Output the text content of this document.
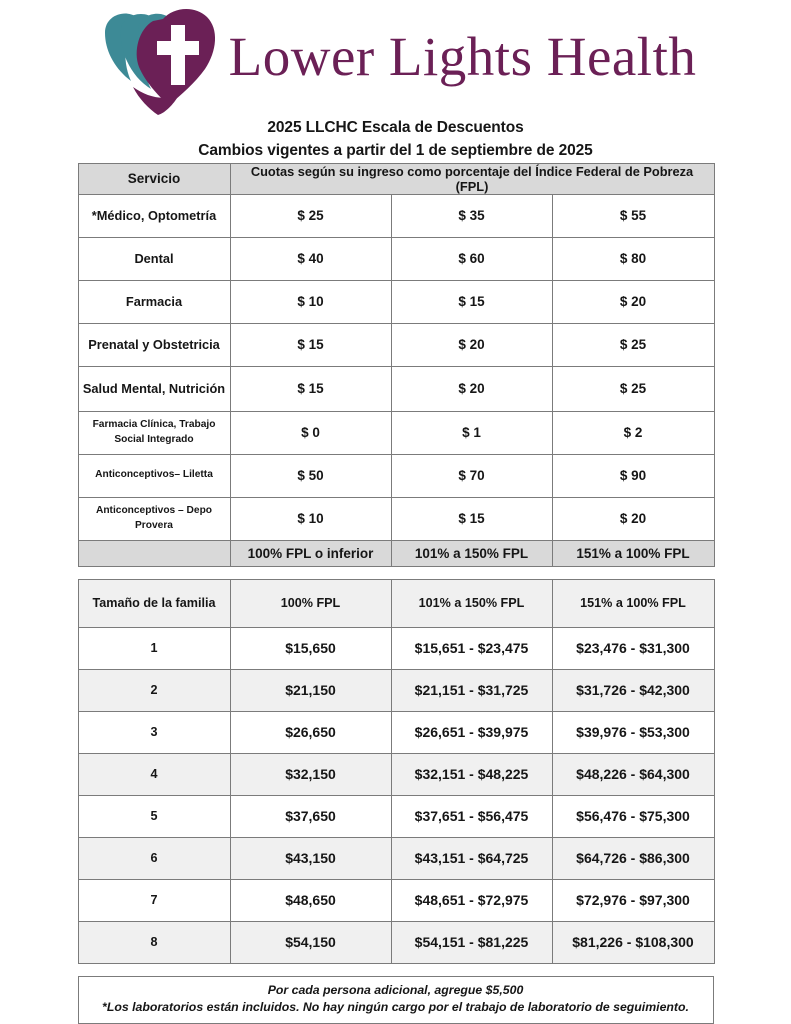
Lower Lights Health
2025 LLCHC Escala de Descuentos
Cambios vigentes a partir del 1 de septiembre de 2025
Servicio	Cuotas según su ingreso como porcentaje del Índice Federal de Pobreza (FPL)		
*Médico, Optometría	$ 25	$ 35	$ 55
Dental	$ 40	$ 60	$ 80
Farmacia	$ 10	$ 15	$ 20
Prenatal y Obstetricia	$ 15	$ 20	$ 25
Salud Mental, Nutrición	$ 15	$ 20	$ 25
Farmacia Clínica, Trabajo Social Integrado	$ 0	$ 1	$ 2
Anticonceptivos– Liletta	$ 50	$ 70	$ 90
Anticonceptivos – Depo Provera	$ 10	$ 15	$ 20
	100% FPL o inferior	101% a 150% FPL	151% a 100% FPL
Tamaño de la familia	100% FPL	101% a 150% FPL	151% a 100% FPL
1	$15,650	$15,651 - $23,475	$23,476 - $31,300
2	$21,150	$21,151 - $31,725	$31,726 - $42,300
3	$26,650	$26,651 - $39,975	$39,976 - $53,300
4	$32,150	$32,151 - $48,225	$48,226 - $64,300
5	$37,650	$37,651 - $56,475	$56,476 - $75,300
6	$43,150	$43,151 - $64,725	$64,726 - $86,300
7	$48,650	$48,651 - $72,975	$72,976 - $97,300
8	$54,150	$54,151 - $81,225	$81,226 - $108,300
Por cada persona adicional, agregue $5,500
*Los laboratorios están incluidos. No hay ningún cargo por el trabajo de laboratorio de seguimiento.
